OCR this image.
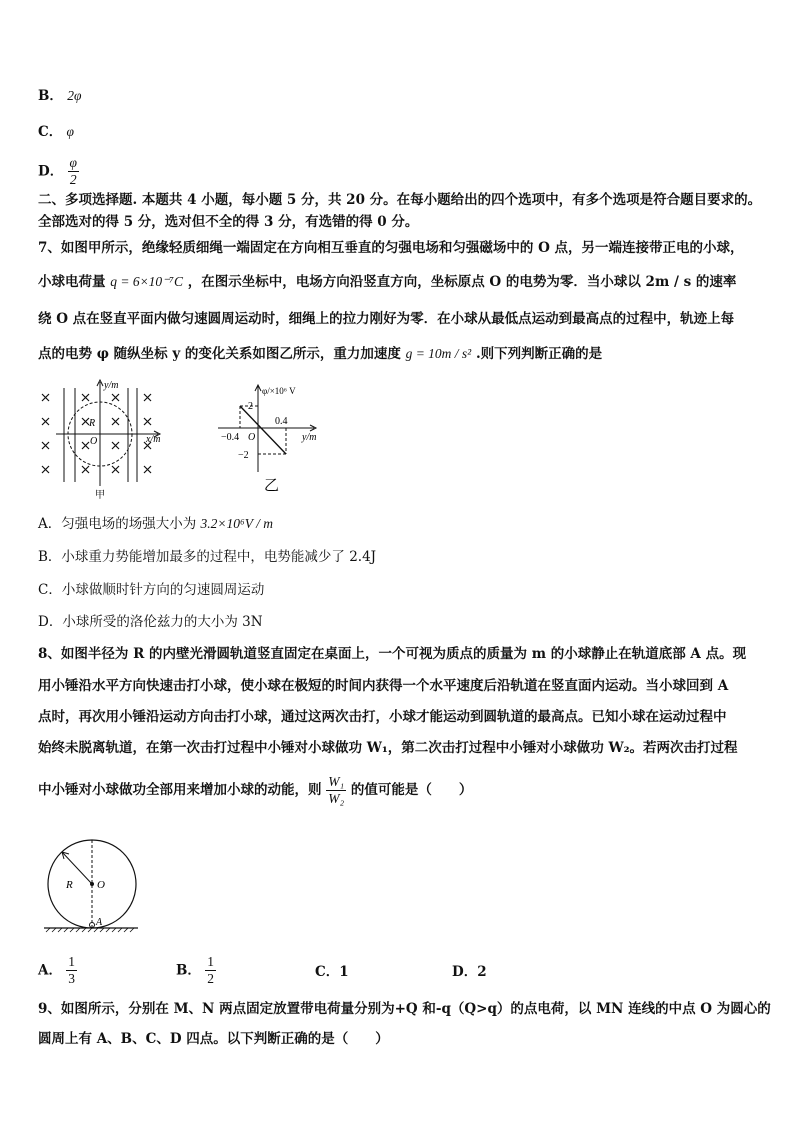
B． 2φ
C． φ
D． $\frac{\varphi}{2}$
二、多项选择题. 本题共 4 小题，每小题 5 分，共 20 分。在每小题给出的四个选项中，有多个选项是符合题目要求的。
全部选对的得 5 分，选对但不全的得 3 分，有选错的得 0 分。
7、如图甲所示，绝缘轻质细绳一端固定在方向相互垂直的匀强电场和匀强磁场中的 O 点，另一端连接带正电的小球，
小球电荷量 q = 6×10⁻⁷C ，在图示坐标中，电场方向沿竖直方向，坐标原点 O 的电势为零．当小球以 2m / s 的速率
绕 O 点在竖直平面内做匀速圆周运动时，细绳上的拉力刚好为零．在小球从最低点运动到最高点的过程中，轨迹上每
点的电势 φ 随纵坐标 y 的变化关系如图乙所示，重力加速度 g = 10m / s² .则下列判断正确的是
y/m
x/m
R
O
甲
φ/×10⁶ V
2
−0.4
0.4
O	y/m
−2
乙
A．匀强电场的场强大小为 3.2×10⁶V / m
B．小球重力势能增加最多的过程中，电势能减少了 2.4J
C．小球做顺时针方向的匀速圆周运动
D．小球所受的洛伦兹力的大小为 3N
8、如图半径为 R 的内壁光滑圆轨道竖直固定在桌面上，一个可视为质点的质量为 m 的小球静止在轨道底部 A 点。现
用小锤沿水平方向快速击打小球，使小球在极短的时间内获得一个水平速度后沿轨道在竖直面内运动。当小球回到 A
点时，再次用小锤沿运动方向击打小球，通过这两次击打，小球才能运动到圆轨道的最高点。已知小球在运动过程中
始终未脱离轨道，在第一次击打过程中小锤对小球做功 W₁，第二次击打过程中小锤对小球做功 W₂。若两次击打过程
中小锤对小球做功全部用来增加小球的动能，则 $\frac{\text{W₁}}{\text{W₂}}$ 的值可能是（　　）
R O
A
A． $\frac{1}{3}$	B． $\frac{1}{2}$	C．1	D．2
9、如图所示，分别在 M、N 两点固定放置带电荷量分别为+Q 和-q（Q>q）的点电荷，以 MN 连线的中点 O 为圆心的
圆周上有 A、B、C、D 四点。以下判断正确的是（　　）
